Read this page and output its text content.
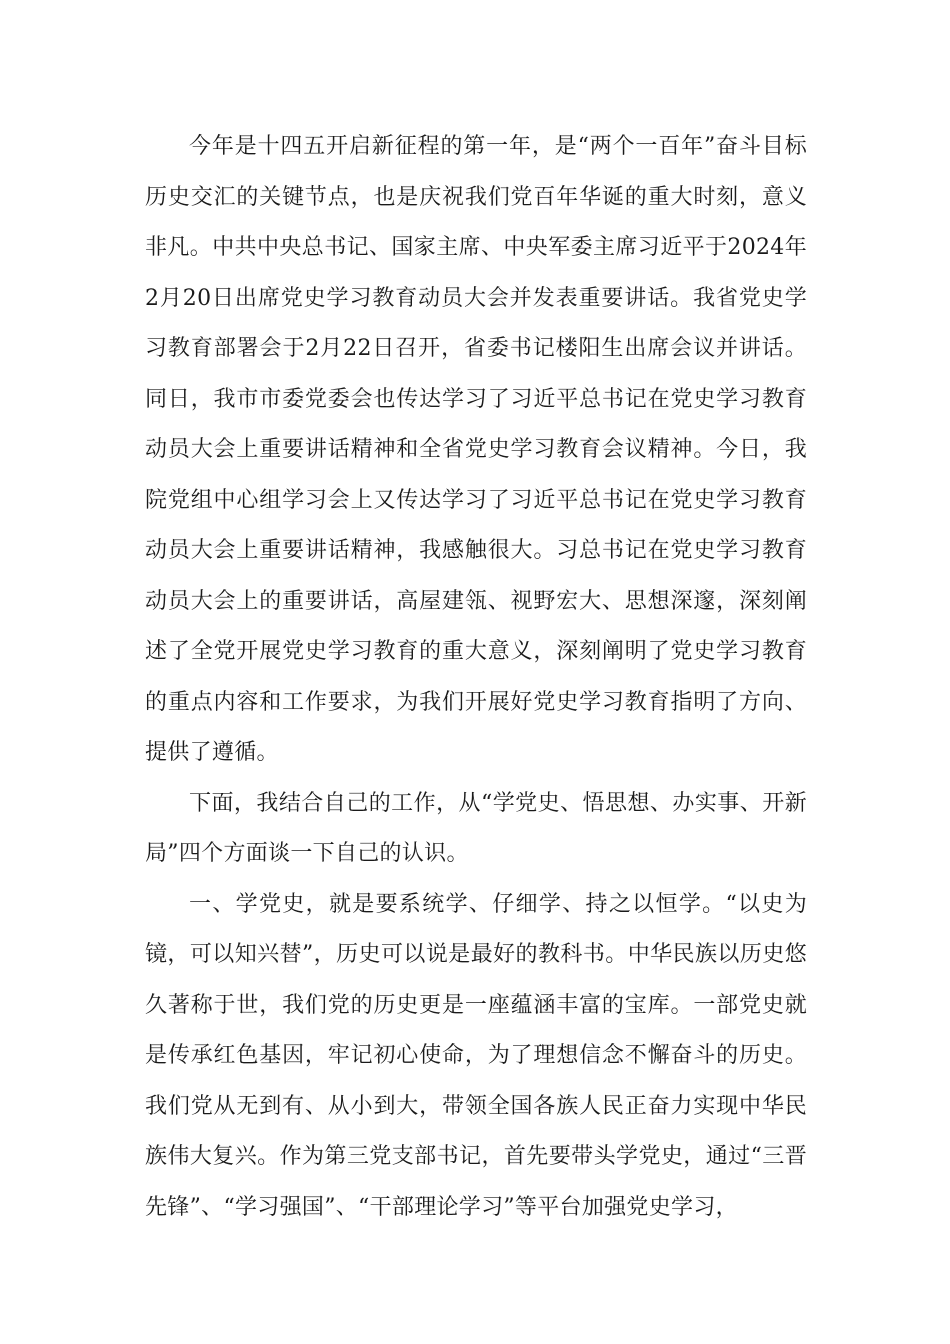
今年是十四五开启新征程的第一年，是“两个一百年”奋斗目标历史交汇的关键节点，也是庆祝我们党百年华诞的重大时刻，意义非凡。中共中央总书记、国家主席、中央军委主席习近平于2024年2月20日出席党史学习教育动员大会并发表重要讲话。我省党史学习教育部署会于2月22日召开，省委书记楼阳生出席会议并讲话。同日，我市市委党委会也传达学习了习近平总书记在党史学习教育动员大会上重要讲话精神和全省党史学习教育会议精神。今日，我院党组中心组学习会上又传达学习了习近平总书记在党史学习教育动员大会上重要讲话精神，我感触很大。习总书记在党史学习教育动员大会上的重要讲话，高屋建瓴、视野宏大、思想深邃，深刻阐述了全党开展党史学习教育的重大意义，深刻阐明了党史学习教育的重点内容和工作要求，为我们开展好党史学习教育指明了方向、提供了遵循。

下面，我结合自己的工作，从“学党史、悟思想、办实事、开新局”四个方面谈一下自己的认识。

一、学党史，就是要系统学、仔细学、持之以恒学。“以史为镜，可以知兴替”，历史可以说是最好的教科书。中华民族以历史悠久著称于世，我们党的历史更是一座蕴涵丰富的宝库。一部党史就是传承红色基因，牢记初心使命，为了理想信念不懈奋斗的历史。我们党从无到有、从小到大，带领全国各族人民正奋力实现中华民族伟大复兴。作为第三党支部书记，首先要带头学党史，通过“三晋先锋”、“学习强国”、“干部理论学习”等平台加强党史学习，
